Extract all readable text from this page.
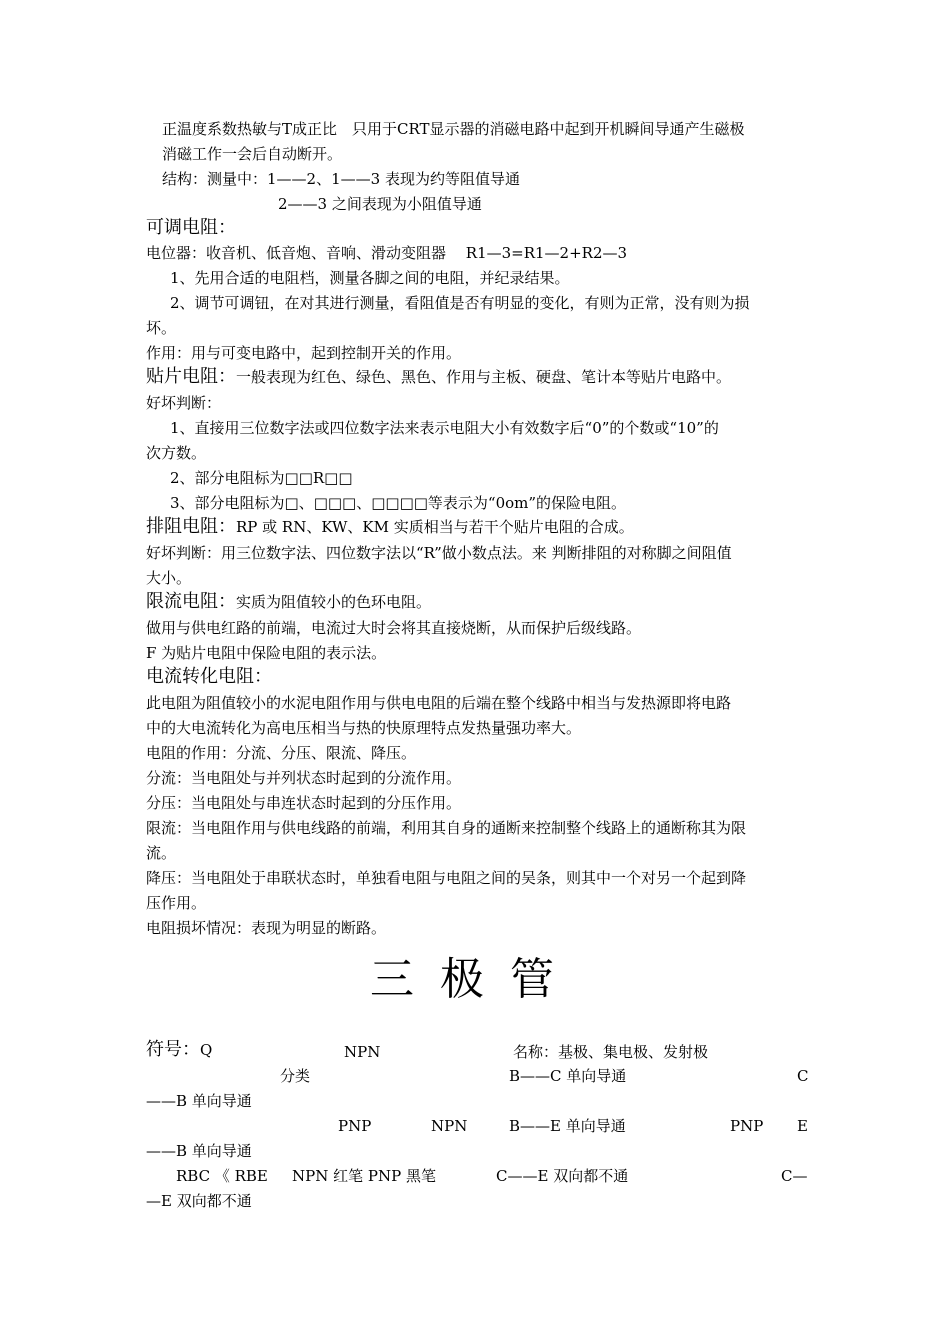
正温度系数热敏与T成正比　只用于CRT显示器的消磁电路中起到开机瞬间导通产生磁极
消磁工作一会后自动断开。
结构：测量中：1——2、1——3 表现为约等阻值导通
2——3 之间表现为小阻值导通
可调电阻：
电位器：收音机、低音炮、音响、滑动变阻器　 R1—3=R1—2+R2—3
1、先用合适的电阻档，测量各脚之间的电阻，并纪录结果。
2、调节可调钮，在对其进行测量，看阻值是否有明显的变化，有则为正常，没有则为损
坏。
作用：用与可变电路中，起到控制开关的作用。
贴片电阻：一般表现为红色、绿色、黑色、作用与主板、硬盘、笔计本等贴片电路中。
好坏判断：
1、直接用三位数字法或四位数字法来表示电阻大小有效数字后“0”的个数或“10”的
次方数。
2、部分电阻标为□□R□□
3、部分电阻标为□、□□□、□□□□等表示为“0om”的保险电阻。
排阻电阻：RP 或 RN、KW、KM 实质相当与若干个贴片电阻的合成。
好坏判断：用三位数字法、四位数字法以“R”做小数点法。来 判断排阻的对称脚之间阻值
大小。
限流电阻：实质为阻值较小的色环电阻。
做用与供电红路的前端，电流过大时会将其直接烧断，从而保护后级线路。
F 为贴片电阻中保险电阻的表示法。
电流转化电阻：
此电阻为阻值较小的水泥电阻作用与供电电阻的后端在整个线路中相当与发热源即将电路
中的大电流转化为高电压相当与热的快原理特点发热量强功率大。
电阻的作用：分流、分压、限流、降压。
分流：当电阻处与并列状态时起到的分流作用。
分压：当电阻处与串连状态时起到的分压作用。
限流：当电阻作用与供电线路的前端，利用其自身的通断来控制整个线路上的通断称其为限
流。
降压：当电阻处于串联状态时，单独看电阻与电阻之间的吴条，则其中一个对另一个起到降
压作用。
电阻损坏情况：表现为明显的断路。
三极管
符号：Q	NPN	名称：基极、集电极、发射极
分类	B——C 单向导通	C
——B 单向导通
PNP	NPN	B——E 单向导通	PNP E
——B 单向导通
RBC 《 RBE NPN 红笔 PNP 黑笔	C——E 双向都不通	C—
—E 双向都不通
